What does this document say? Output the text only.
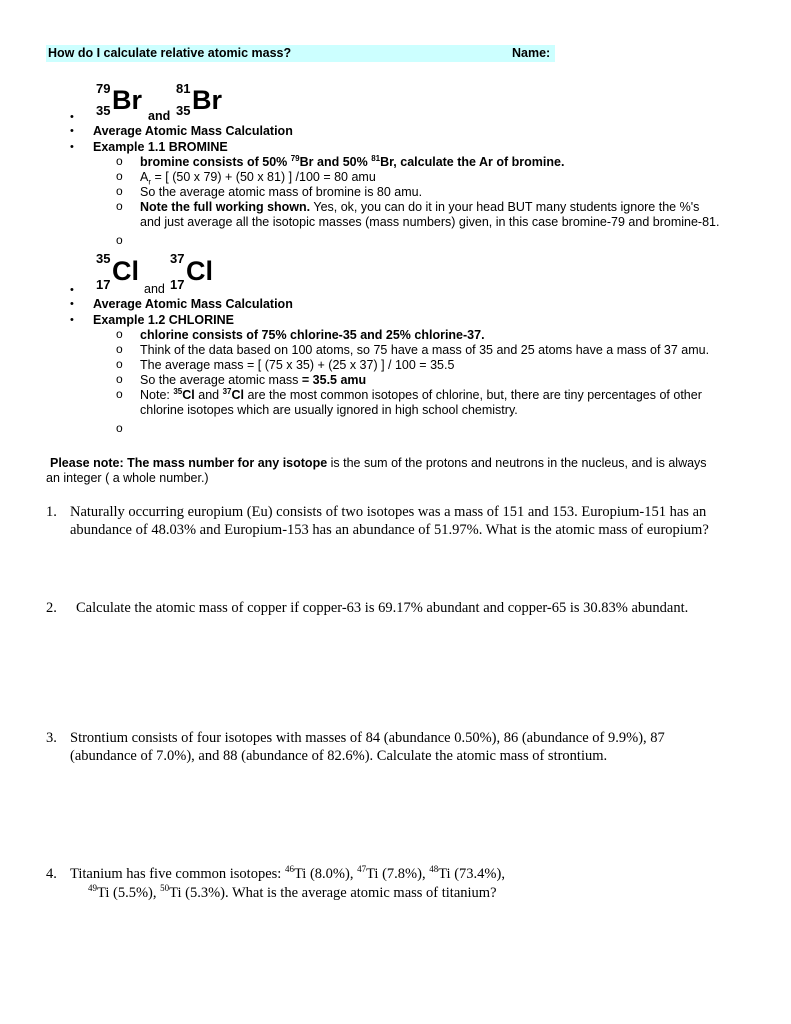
How do I calculate relative atomic mass?	Name:
79
35 Br	81
35 Br
•	and
• Average Atomic Mass Calculation
• Example 1.1 BROMINE
o bromine consists of 50% $^{79}$Br and 50% $^{81}$Br, calculate the Ar of bromine.
o $A_r$ = [ (50 x 79) + (50 x 81) ] /100 = 80 amu
o So the average atomic mass of bromine is 80 amu.
o Note the full working shown. Yes, ok, you can do it in your head BUT many students ignore the %'s
and just average all the isotopic masses (mass numbers) given, in this case bromine-79 and bromine-81.
o
35
17 Cl 37
17 Cl
•	and
• Average Atomic Mass Calculation
• Example 1.2 CHLORINE
o chlorine consists of 75% chlorine-35 and 25% chlorine-37.
o Think of the data based on 100 atoms, so 75 have a mass of 35 and 25 atoms have a mass of 37 amu.
o The average mass = [ (75 x 35) + (25 x 37) ] / 100 = 35.5
o So the average atomic mass = 35.5 amu
o Note: $^{35}$Cl and $^{37}$Cl are the most common isotopes of chlorine, but, there are tiny percentages of other
chlorine isotopes which are usually ignored in high school chemistry.
o
Please note: The mass number for any isotope is the sum of the protons and neutrons in the nucleus, and is always
an integer ( a whole number.)
1. Naturally occurring europium (Eu) consists of two isotopes was a mass of 151 and 153. Europium-151 has an
abundance of 48.03% and Europium-153 has an abundance of 51.97%. What is the atomic mass of europium?
2. Calculate the atomic mass of copper if copper-63 is 69.17% abundant and copper-65 is 30.83% abundant.
3. Strontium consists of four isotopes with masses of 84 (abundance 0.50%), 86 (abundance of 9.9%), 87
(abundance of 7.0%), and 88 (abundance of 82.6%). Calculate the atomic mass of strontium.
4. Titanium has five common isotopes: $^{46}$Ti (8.0%), $^{47}$Ti (7.8%), $^{48}$Ti (73.4%),
$^{49}$Ti (5.5%), $^{50}$Ti (5.3%). What is the average atomic mass of titanium?
